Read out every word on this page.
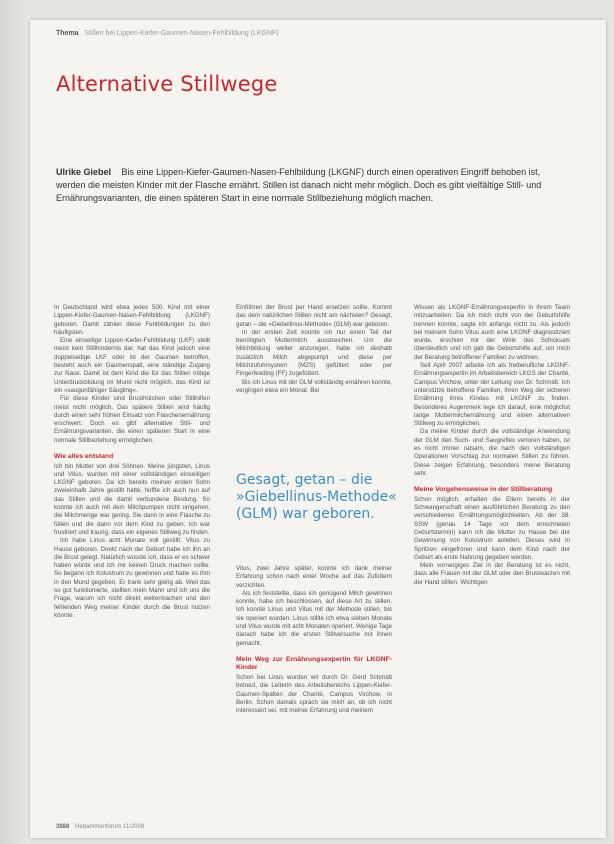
Thema Stillen bei Lippen-Kiefer-Gaumen-Nasen-Fehlbildung (LKGNF)
Alternative Stillwege
Ulrike Giebel Bis eine Lippen-Kiefer-Gaumen-Nasen-Fehlbildung (LKGNF) durch einen operativen Eingriff behoben ist, werden die meisten Kinder mit der Flasche ernährt. Stillen ist danach nicht mehr möglich. Doch es gibt vielfältige Still- und Ernährungsvarianten, die einen späteren Start in eine normale Stillbeziehung möglich machen.

In Deutschland wird etwa jedes 500. Kind mit einer Lippen-Kiefer-Gaumen-Nasen-Fehlbildung (LKGNF) geboren. Damit zählen diese Fehlbildungen zu den häufigsten.

Eine einseitige Lippen-Kiefer-Fehlbildung (LKF) stellt meist kein Stillhindernis dar, hat das Kind jedoch eine doppelseitige LKF oder ist der Gaumen betroffen, besteht auch ein Gaumenspalt, eine ständige Zugang zur Nase. Damit ist dem Kind die für das Stillen nötige Unterdruckbildung im Mund nicht möglich, das Kind ist ein »saugunfähiger Säugling«.

Für diese Kinder sind Brusthütchen oder Stillhilfen meist nicht möglich. Das spätere Stillen wird häufig durch einen sehr frühen Einsatz von Flaschenernährung erschwert. Doch es gibt alternative Still- und Ernährungsvarianten, die einen späteren Start in eine normale Stillbeziehung ermöglichen.

Wie alles entstand

Ich bin Mutter von drei Söhnen. Meine jüngsten, Linus und Vitus, wurden mit einer vollständigen einseitigen LKGNF geboren. Da ich bereits meinen ersten Sohn zweieinhalb Jahre gestillt hatte, hoffte ich auch nun auf das Stillen und die damit verbundene Bindung. So konnte ich auch mit dem Milchpumpen nicht umgehen, die Milchmenge war gering. Sie dann in eine Flasche zu füllen und die dann vor dem Kind zu geben. Ich war frustriert und traurig, dass ein eigenes Stillweg zu finden.

Ich habe Linus acht Monate voll gestillt. Vitus zu Hause geboren. Direkt nach der Geburt habe ich ihn an die Brust gelegt. Natürlich wusste ich, dass er es schwer haben würde und ich mir keinen Druck machen sollte. So begann ich Kolostrum zu gewinnen und habe es ihm in den Mund gegeben. Er trank sehr gierig ab. Weil das so gut funktionierte, stellten mein Mann und ich uns die Frage, warum ich nicht direkt weitermachen und den fehlenden Weg meiner Kinder durch die Brust nutzen könnte.

Einführen der Brust per Hand ersetzen sollte. Kommt das dem natürlichen Stillen nicht am nächsten? Gesagt, getan – die »Giebellinus-Methode« (GLM) war geboren.

In der ersten Zeit konnte ich nur einen Teil der benötigten Muttermilch ausstreichen. Um die Milchbildung weiter anzuregen, habe ich deshalb zusätzlich Milch abgepumpt und diese per Milchzufuhrsystem (MZS) gefüttert oder per Fingerfeeding (FF) zugefüttert.

Bis ich Linus mit der GLM vollständig ernähren konnte, vergingen etwa ein Monat. Bei

Gesagt, getan – die »Giebellinus-Methode« (GLM) war geboren.

Vitus, zwei Jahre später, konnte ich dank meiner Erfahrung schon nach einer Woche auf das Zufüttern verzichten.

Als ich feststellte, dass ich genügend Milch gewinnen konnte, habe ich beschlossen, auf diese Art zu stillen. Ich konnte Linus und Vitus mit der Methode stillen, bis sie operiert wurden. Linus stillte ich etwa sieben Monate und Vitus wurde mit acht Monaten operiert. Wenige Tage danach habe ich die ersten Stillversuche mit ihnen gemacht.

Mein Weg zur Ernährungsexpertin für LKGNF-Kinder

Schon bei Linus wurden wir durch Dr. Gerd Schmidt betreut, die Leiterin des Arbeitsbereichs Lippen-Kiefer-Gaumen-Spalten der Charité, Campus Virchow, in Berlin. Schon damals sprach sie mich an, ob ich nicht interessiert sei, mit meiner Erfahrung und meinem

Wissen als LKGNF-Ernährungsexpertin in ihrem Team mitzuarbeiten. Da ich mich nicht von der Geburtshilfe trennen konnte, sagte ich anfangs nicht zu. Als jedoch bei meinem Sohn Vitus auch eine LKGNF diagnostiziert wurde, erschien mir der Wink des Schicksals überdeutlich und ich gab die Geburtshilfe auf, um mich der Beratung betroffener Familien zu widmen.

Seit April 2007 arbeite ich als freiberufliche LKGNF-Ernährungsexpertin im Arbeitsbereich LKGS der Charité, Campus Virchow, unter der Leitung von Dr. Schmidt. Ich unterstütze betroffene Familien, ihren Weg der sicheren Ernährung ihres Kindes mit LKGNF zu finden. Besonderes Augenmerk lege ich darauf, eine möglichst lange Muttermilchernährung und einen alternativen Stillweg zu ermöglichen.

Da meine Kinder durch die vollständige Anwendung der GLM den Such- und Saugreflex verloren haben, ist es nicht immer ratsam, die nach den vollständigen Operationen Vorschlag zur normalen Stillen zu führen. Diese zeigen Erfahrung, besonders meine Beratung sehr.

Meine Vorgehensweise in der Stillberatung

Schon möglich, erhalten die Eltern bereits in der Schwangerschaft einen ausführlichen Beratung zu den verschiedenen Ernährungsmöglichkeiten. Ab der 38. SSW (genau 14 Tage vor dem errechneten Geburtstermin) kann ich die Mutter zu Hause bei der Gewinnung von Kolostrum anleiten. Dieses wird in Spritzen eingefroren und kann dem Kind nach der Geburt als erste Nahrung gegeben werden.

Mein vorrangiges Ziel in der Beratung ist es nicht, dass alle Frauen mit der GLM oder den Brustwarzen mit der Hand stillen. Wichtigen

3888 Hebammenforum 11/2008
